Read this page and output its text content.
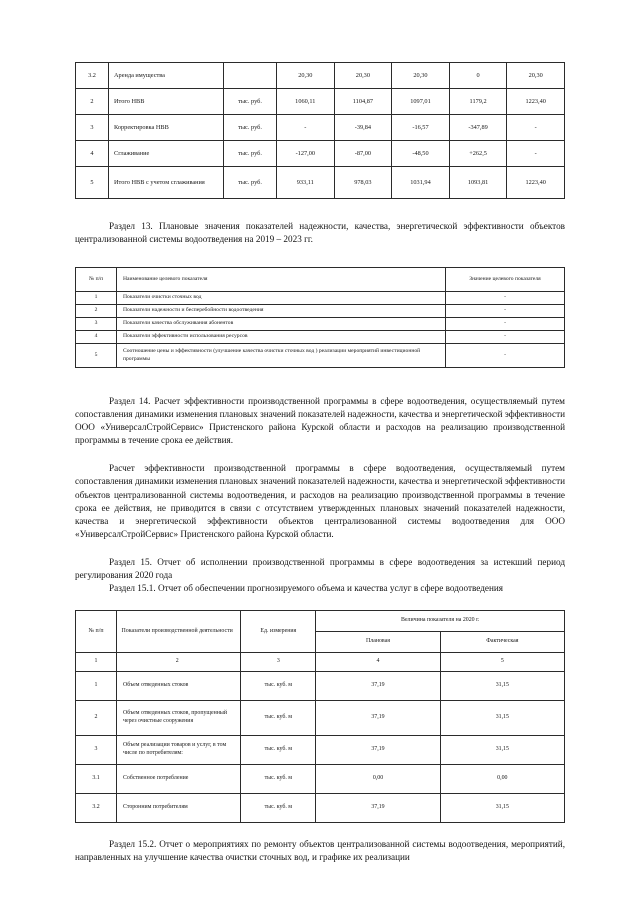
3.2	Аренда имущества		20,30	20,30	20,30	0	20,30
2	Итого НВВ	тыс. руб.	1060,11	1104,87	1097,01	1179,2	1223,40
3	Корректировка НВВ	тыс. руб.	-	-39,84	-16,57	-347,89	-
4	Сглаживание	тыс. руб.	-127,00	-87,00	-48,50	+262,5	-
5	Итого НВВ с учетом сглаживания	тыс. руб.	933,11	978,03	1031,94	1093,81	1223,40

Раздел 13. Плановые значения показателей надежности, качества, энергетической эффективности объектов централизованной системы водоотведения на 2019 – 2023 гг.

№ п/п	Наименование целевого показателя	Значение целевого показателя
1	Показатели очистки сточных вод	-
2	Показатели надежности и бесперебойности водоотведения	-
3	Показатели качества обслуживания абонентов	-
4	Показатели эффективности использования ресурсов	-
5	Соотношение цены и эффективности (улучшение качества очистки сточных вод ) реализации мероприятий инвестиционной программы	-

Раздел 14. Расчет эффективности производственной программы в сфере водоотведения, осуществляемый путем сопоставления динамики изменения плановых значений показателей надежности, качества и энергетической эффективности ООО «УниверсалСтройСервис» Пристенского района Курской области и расходов на реализацию производственной программы в течение срока ее действия.

Расчет эффективности производственной программы в сфере водоотведения, осуществляемый путем сопоставления динамики изменения плановых значений показателей надежности, качества и энергетической эффективности объектов централизованной системы водоотведения, и расходов на реализацию производственной программы в течение срока ее действия, не приводится в связи с отсутствием утвержденных плановых значений показателей надежности, качества и энергетической эффективности объектов централизованной системы водоотведения для ООО «УниверсалСтройСервис» Пристенского района Курской области.

Раздел 15. Отчет об исполнении производственной программы в сфере водоотведения за истекший период регулирования 2020 года

Раздел 15.1. Отчет об обеспечении прогнозируемого объема и качества услуг в сфере водоотведения

№ п/п	Показатели производственной деятельности	Ед. измерения	Величина показателя на 2020 г.	
			Плановая	Фактическая
1	2	3	4	5
1	Объем отведенных стоков	тыс. куб. м	37,19	31,15
2	Объем отведенных стоков, пропущенный через очистные сооружения	тыс. куб. м	37,19	31,15
3	Объем реализации товаров и услуг, в том числе по потребителям:	тыс. куб. м	37,19	31,15
3.1	Собственное потребление	тыс. куб. м	0,00	0,00
3.2	Сторонним потребителям	тыс. куб. м	37,19	31,15

Раздел 15.2. Отчет о мероприятиях по ремонту объектов централизованной системы водоотведения, мероприятий, направленных на улучшение качества очистки сточных вод, и графике их реализации
